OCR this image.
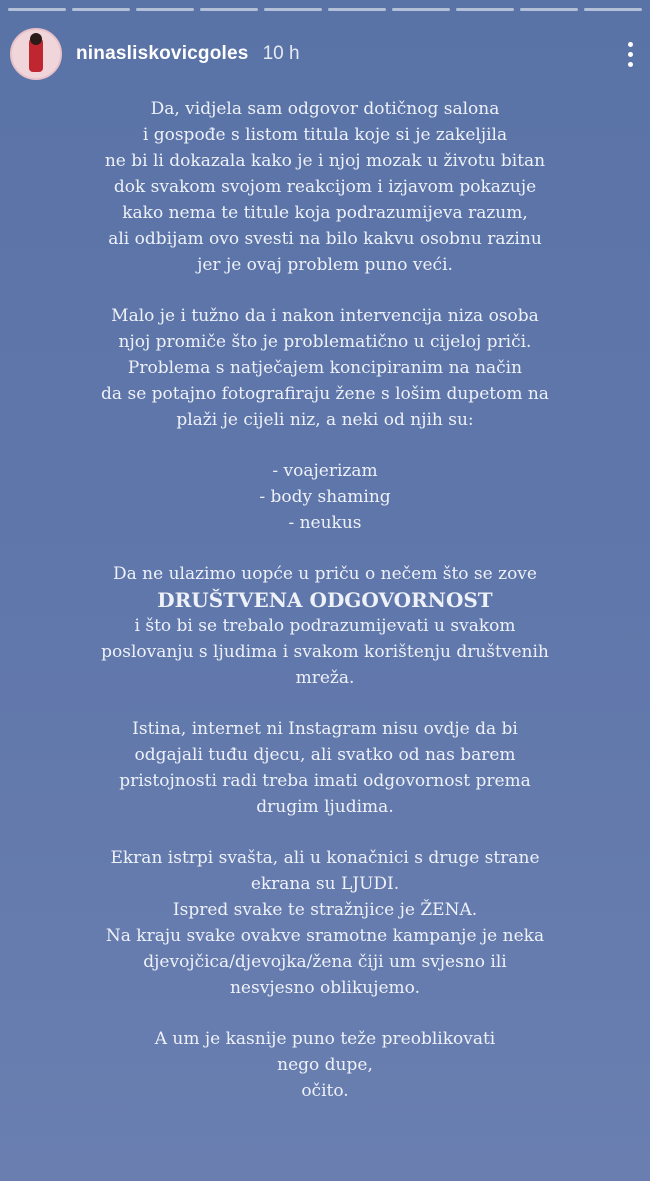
ninasliskovicgoles 10 h

Da, vidjela sam odgovor dotičnog salona
i gospođe s listom titula koje si je zakeljila
ne bi li dokazala kako je i njoj mozak u životu bitan
dok svakom svojom reakcijom i izjavom pokazuje
kako nema te titule koja podrazumijeva razum,
ali odbijam ovo svesti na bilo kakvu osobnu razinu
jer je ovaj problem puno veći.

Malo je i tužno da i nakon intervencija niza osoba
njoj promiče što je problematično u cijeloj priči.
Problema s natječajem koncipiranim na način
da se potajno fotografiraju žene s lošim dupetom na
plaži je cijeli niz, a neki od njih su:

- voajerizam
- body shaming
- neukus

Da ne ulazimo uopće u priču o nečem što se zove
DRUŠTVENA ODGOVORNOST
i što bi se trebalo podrazumijevati u svakom
poslovanju s ljudima i svakom korištenju društvenih
mreža.

Istina, internet ni Instagram nisu ovdje da bi
odgajali tuđu djecu, ali svatko od nas barem
pristojnosti radi treba imati odgovornost prema
drugim ljudima.

Ekran istrpi svašta, ali u konačnici s druge strane
ekrana su LJUDI.
Ispred svake te stražnjice je ŽENA.
Na kraju svake ovakve sramotne kampanje je neka
djevojčica/djevojka/žena čiji um svjesno ili
nesvjesno oblikujemo.

A um je kasnije puno teže preoblikovati
nego dupe,
očito.
